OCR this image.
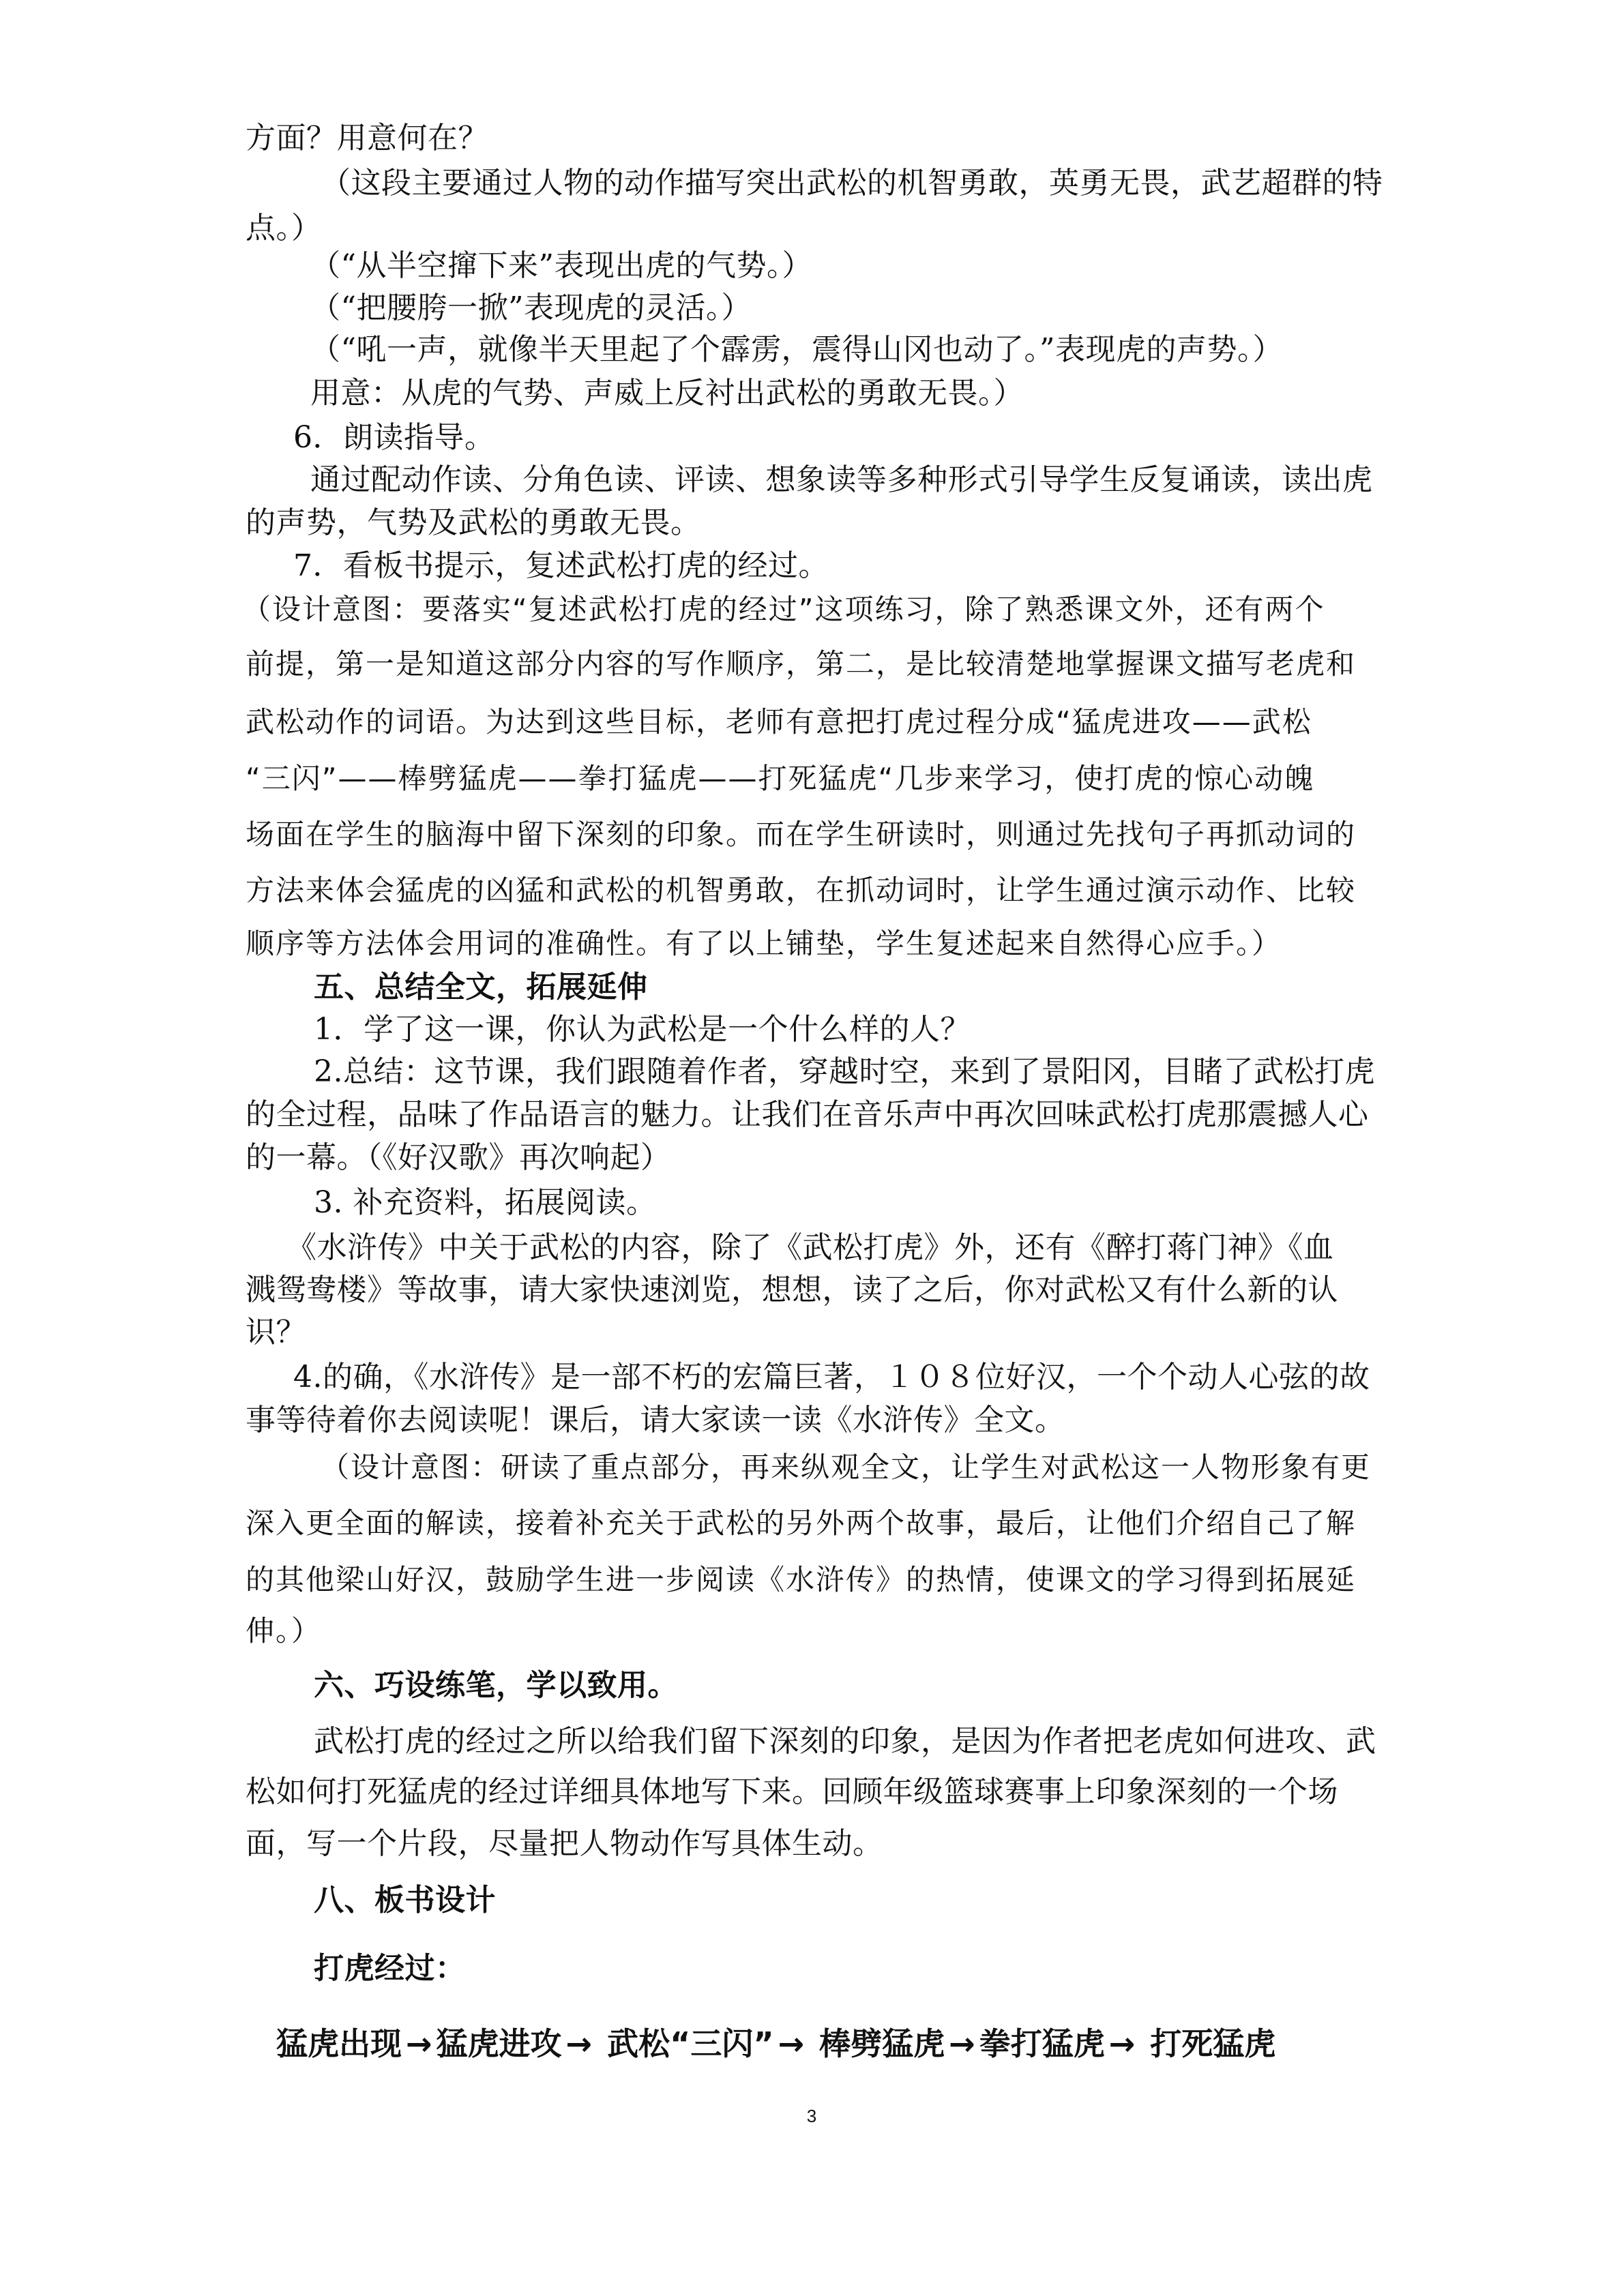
方面？用意何在？
（这段主要通过人物的动作描写突出武松的机智勇敢，英勇无畏，武艺超群的特
点。）
（“从半空撺下来”表现出虎的气势。）
（“把腰胯一掀”表现虎的灵活。）
（“吼一声，就像半天里起了个霹雳，震得山冈也动了。”表现虎的声势。）
用意：从虎的气势、声威上反衬出武松的勇敢无畏。）
6．朗读指导。
通过配动作读、分角色读、评读、想象读等多种形式引导学生反复诵读，读出虎
的声势，气势及武松的勇敢无畏。
7．看板书提示，复述武松打虎的经过。
（设计意图：要落实“复述武松打虎的经过”这项练习，除了熟悉课文外，还有两个
前提，第一是知道这部分内容的写作顺序，第二，是比较清楚地掌握课文描写老虎和
武松动作的词语。为达到这些目标，老师有意把打虎过程分成“猛虎进攻——武松
“三闪”——棒劈猛虎——拳打猛虎——打死猛虎“几步来学习，使打虎的惊心动魄
场面在学生的脑海中留下深刻的印象。而在学生研读时，则通过先找句子再抓动词的
方法来体会猛虎的凶猛和武松的机智勇敢，在抓动词时，让学生通过演示动作、比较
顺序等方法体会用词的准确性。有了以上铺垫，学生复述起来自然得心应手。）
五、总结全文，拓展延伸
1．学了这一课，你认为武松是一个什么样的人？
2.总结：这节课，我们跟随着作者，穿越时空，来到了景阳冈，目睹了武松打虎
的全过程，品味了作品语言的魅力。让我们在音乐声中再次回味武松打虎那震撼人心
的一幕。（《好汉歌》再次响起）
3. 补充资料，拓展阅读。
《水浒传》中关于武松的内容，除了《武松打虎》外，还有《醉打蒋门神》《血
溅鸳鸯楼》等故事，请大家快速浏览，想想，读了之后，你对武松又有什么新的认
识？
4.的确，《水浒传》是一部不朽的宏篇巨著，１０８位好汉，一个个动人心弦的故
事等待着你去阅读呢！课后，请大家读一读《水浒传》全文。
（设计意图：研读了重点部分，再来纵观全文，让学生对武松这一人物形象有更
深入更全面的解读，接着补充关于武松的另外两个故事，最后，让他们介绍自己了解
的其他梁山好汉，鼓励学生进一步阅读《水浒传》的热情，使课文的学习得到拓展延
伸。）
六、巧设练笔，学以致用。
武松打虎的经过之所以给我们留下深刻的印象，是因为作者把老虎如何进攻、武
松如何打死猛虎的经过详细具体地写下来。回顾年级篮球赛事上印象深刻的一个场
面，写一个片段，尽量把人物动作写具体生动。
八、板书设计
打虎经过：
猛虎出现 → 猛虎进攻 → 武松“三闪” → 棒劈猛虎 → 拳打猛虎 → 打死猛虎
3
